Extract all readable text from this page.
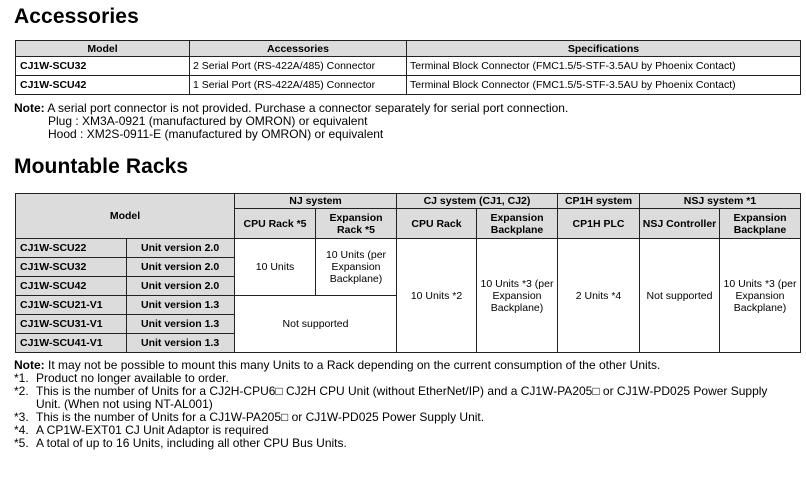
Accessories
Model	Accessories	Specifications
CJ1W-SCU32	2 Serial Port (RS-422A/485) Connector	Terminal Block Connector (FMC1.5/5-STF-3.5AU by Phoenix Contact)
CJ1W-SCU42	1 Serial Port (RS-422A/485) Connector	Terminal Block Connector (FMC1.5/5-STF-3.5AU by Phoenix Contact)
Note: A serial port connector is not provided. Purchase a connector separately for serial port connection.
Plug : XM3A-0921 (manufactured by OMRON) or equivalent
Hood : XM2S-0911-E (manufactured by OMRON) or equivalent
Mountable Racks
Model		NJ system		CJ system (CJ1, CJ2)		CP1H system	NSJ system *1	
		CPU Rack *5	Expansion Rack *5	CPU Rack	Expansion Backplane	CP1H PLC	NSJ Controller	Expansion Backplane
CJ1W-SCU22	Unit version 2.0	10 Units	10 Units (per Expansion Backplane)	10 Units *2	10 Units *3 (per Expansion Backplane)	2 Units *4	Not supported	10 Units *3 (per Expansion Backplane)
CJ1W-SCU32	Unit version 2.0							
CJ1W-SCU42	Unit version 2.0							
CJ1W-SCU21-V1	Unit version 1.3	Not supported						
CJ1W-SCU31-V1	Unit version 1.3							
CJ1W-SCU41-V1	Unit version 1.3							
Note: It may not be possible to mount this many Units to a Rack depending on the current consumption of the other Units.
*1. Product no longer available to order.
*2. This is the number of Units for a CJ2H-CPU6□ CJ2H CPU Unit (without EtherNet/IP) and a CJ1W-PA205□ or CJ1W-PD025 Power Supply Unit. (When not using NT-AL001)
*3. This is the number of Units for a CJ1W-PA205□ or CJ1W-PD025 Power Supply Unit.
*4. A CP1W-EXT01 CJ Unit Adaptor is required
*5. A total of up to 16 Units, including all other CPU Bus Units.
